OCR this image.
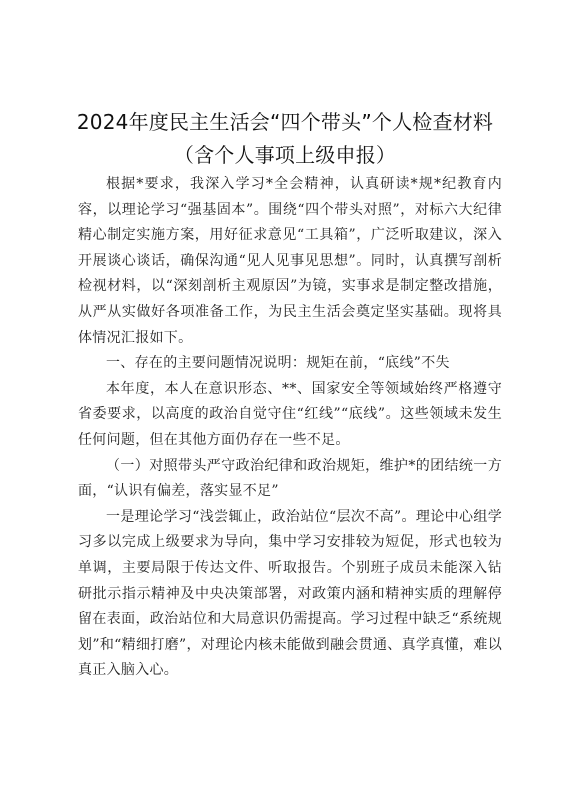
2024年度民主生活会“四个带头”个人检查材料
（含个人事项上级申报）

根据*要求，我深入学习*全会精神，认真研读*规*纪教育内容，以理论学习“强基固本”。围绕“四个带头对照”，对标六大纪律精心制定实施方案，用好征求意见“工具箱”，广泛听取建议，深入开展谈心谈话，确保沟通“见人见事见思想”。同时，认真撰写剖析检视材料，以“深刻剖析主观原因”为镜，实事求是制定整改措施，从严从实做好各项准备工作，为民主生活会奠定坚实基础。现将具体情况汇报如下。

一、存在的主要问题情况说明：规矩在前，“底线”不失

本年度，本人在意识形态、**、国家安全等领域始终严格遵守省委要求，以高度的政治自觉守住“红线”“底线”。这些领域未发生任何问题，但在其他方面仍存在一些不足。

（一）对照带头严守政治纪律和政治规矩，维护*的团结统一方面，“认识有偏差，落实显不足”

一是理论学习“浅尝辄止，政治站位“层次不高”。理论中心组学习多以完成上级要求为导向，集中学习安排较为短促，形式也较为单调，主要局限于传达文件、听取报告。个别班子成员未能深入钻研批示指示精神及中央决策部署，对政策内涵和精神实质的理解停留在表面，政治站位和大局意识仍需提高。学习过程中缺乏“系统规划”和“精细打磨”，对理论内核未能做到融会贯通、真学真懂，难以真正入脑入心。
